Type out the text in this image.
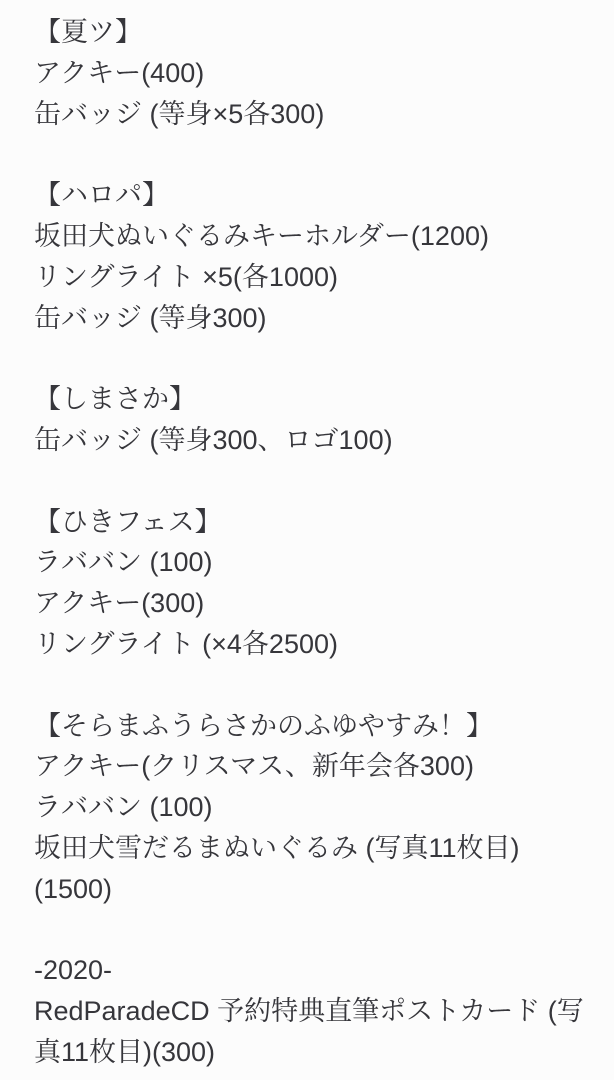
【夏ツ】
アクキー(400)
缶バッジ (等身×5各300)
【ハロパ】
坂田犬ぬいぐるみキーホルダー(1200)
リングライト ×5(各1000)
缶バッジ (等身300)
【しまさか】
缶バッジ (等身300、ロゴ100)
【ひきフェス】
ラババン (100)
アクキー(300)
リングライト (×4各2500)
【そらまふうらさかのふゆやすみ！】
アクキー(クリスマス、新年会各300)
ラババン (100)
坂田犬雪だるまぬいぐるみ (写真11枚目)
(1500)
-2020-
RedParadeCD 予約特典直筆ポストカード (写
真11枚目)(300)
